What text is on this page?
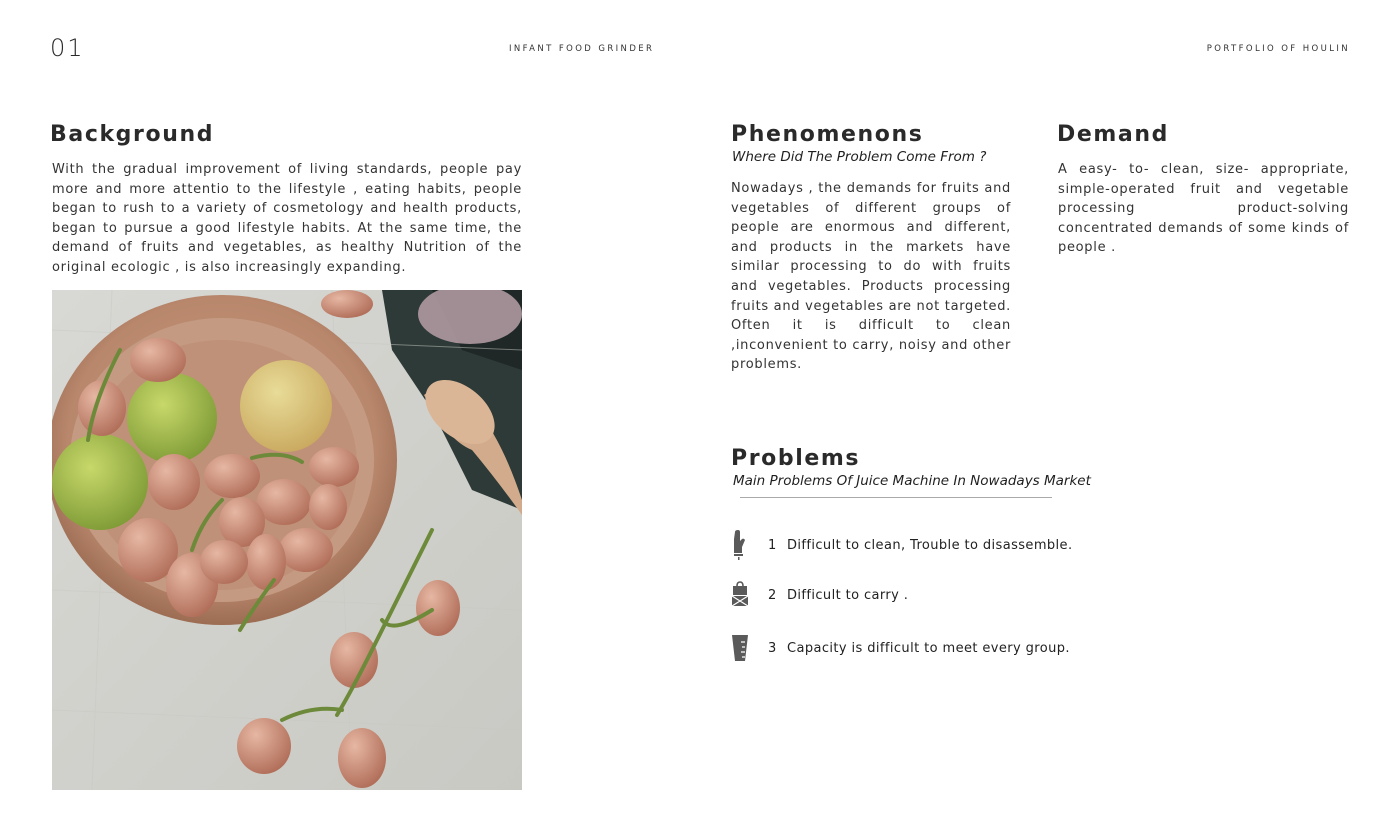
01	INFANT FOOD GRINDER	PORTFOLIO OF HOULIN
Background
With the gradual improvement of living standards, people pay more and more attentio to the lifestyle , eating habits, people began to rush to a variety of cosmetology and health products, began to pursue a good lifestyle habits. At the same time, the demand of fruits and vegetables, as healthy Nutrition of the original ecologic , is also increasingly expanding.
Phenomenons
Where Did The Problem Come From ?
Nowadays , the demands for fruits and vegetables of different groups of people are enormous and different, and products in the markets have similar processing to do with fruits and vegetables. Products processing fruits and vegetables are not targeted. Often it is difficult to clean ,inconvenient to carry, noisy and other problems.
Demand
A easy- to- clean, size- appropriate, simple-operated fruit and vegetable processing product-solving concentrated demands of some kinds of people .
Problems
Main Problems Of Juice Machine In Nowadays Market
1 Difficult to clean, Trouble to disassemble.
2 Difficult to carry .
3 Capacity is difficult to meet every group.
